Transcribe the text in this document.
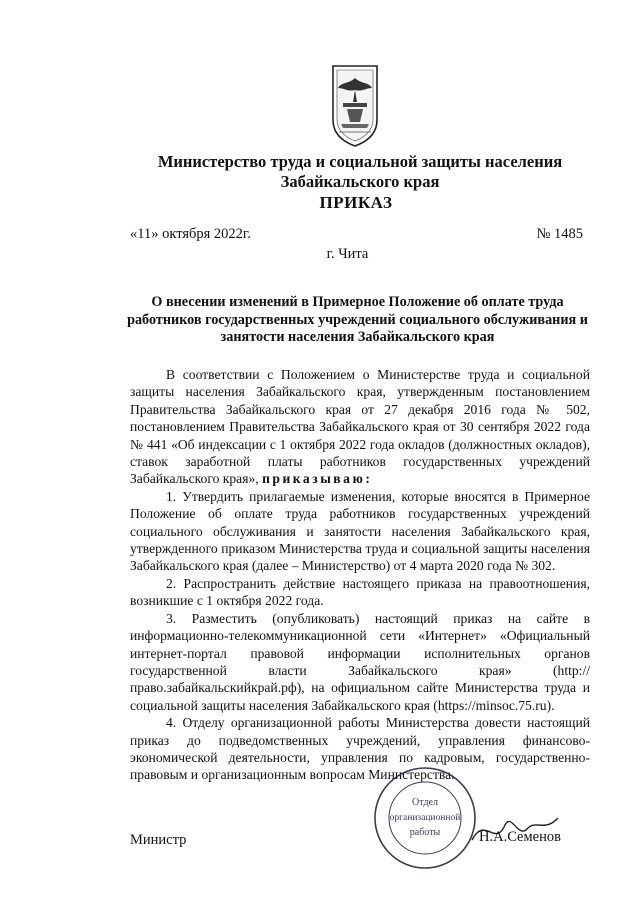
Министерство труда и социальной защиты населения
Забайкальского края
ПРИКАЗ
«11» октября 2022г.	№ 1485
г. Чита
О внесении изменений в Примерное Положение об оплате труда
работников государственных учреждений социального обслуживания и
занятости населения Забайкальского края

В соответствии с Положением о Министерстве труда и социальной защиты населения Забайкальского края, утвержденным постановлением Правительства Забайкальского края от 27 декабря 2016 года № 502, постановлением Правительства Забайкальского края от 30 сентября 2022 года № 441 «Об индексации с 1 октября 2022 года окладов (должностных окладов), ставок заработной платы работников государственных учреждений Забайкальского края», приказываю:

1. Утвердить прилагаемые изменения, которые вносятся в Примерное Положение об оплате труда работников государственных учреждений социального обслуживания и занятости населения Забайкальского края, утвержденного приказом Министерства труда и социальной защиты населения Забайкальского края (далее – Министерство) от 4 марта 2020 года № 302.

2. Распространить действие настоящего приказа на правоотношения, возникшие с 1 октября 2022 года.

3. Разместить (опубликовать) настоящий приказ на сайте в информационно-телекоммуникационной сети «Интернет» «Официальный интернет-портал правовой информации исполнительных органов государственной власти Забайкальского края» (http://право.забайкальскийкрай.рф), на официальном сайте Министерства труда и социальной защиты населения Забайкальского края (https://minsoc.75.ru).

4. Отделу организационной работы Министерства довести настоящий приказ до подведомственных учреждений, управления финансово-экономической деятельности, управления по кадровым, государственно-правовым и организационным вопросам Министерства.

Отдел
организационной
работы
Министр	Н.А.Семенов
